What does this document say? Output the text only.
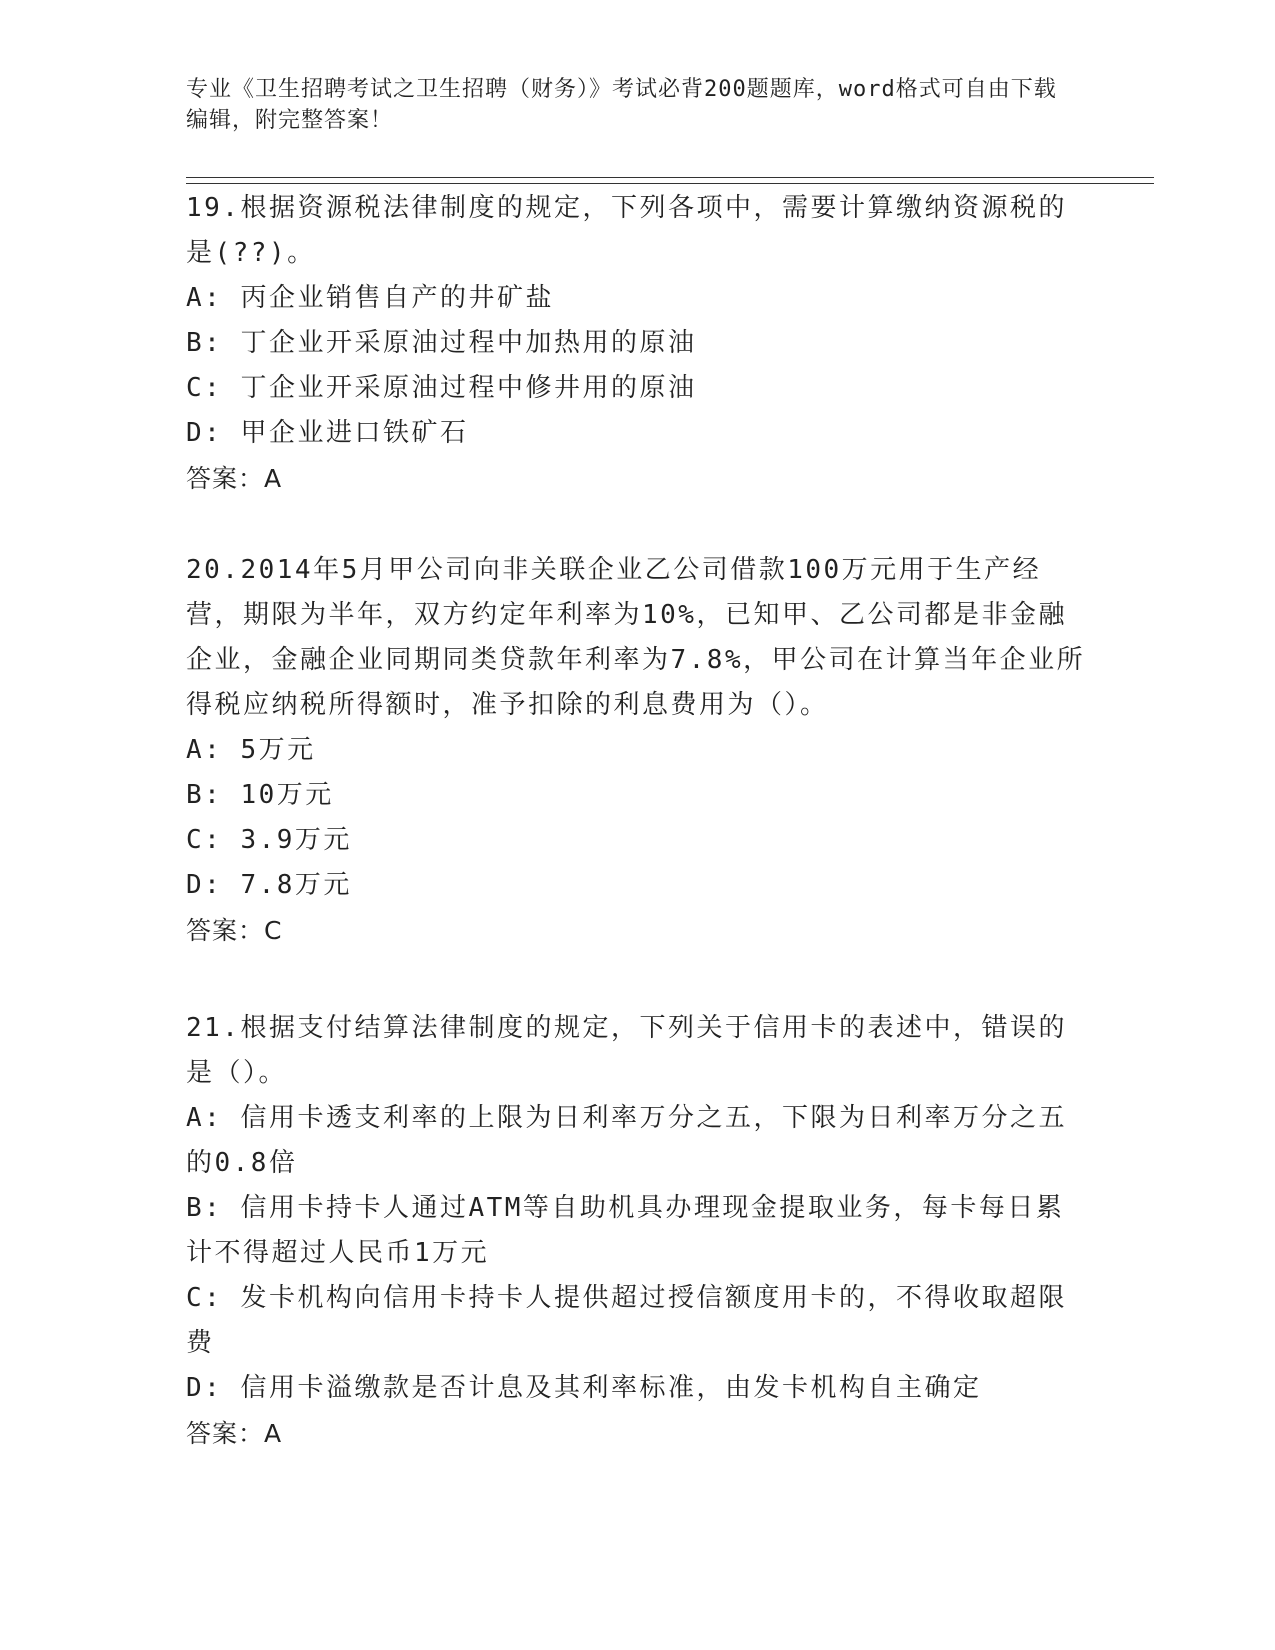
专业《卫生招聘考试之卫生招聘（财务）》考试必背200题题库，word格式可自由下载编辑，附完整答案！

19.根据资源税法律制度的规定，下列各项中，需要计算缴纳资源税的是(??)。

A: 丙企业销售自产的井矿盐

B: 丁企业开采原油过程中加热用的原油

C: 丁企业开采原油过程中修井用的原油

D: 甲企业进口铁矿石

答案：A

20.2014年5月甲公司向非关联企业乙公司借款100万元用于生产经营，期限为半年，双方约定年利率为10%，已知甲、乙公司都是非金融企业，金融企业同期同类贷款年利率为7.8%，甲公司在计算当年企业所得税应纳税所得额时，准予扣除的利息费用为（）。

A: 5万元

B: 10万元

C: 3.9万元

D: 7.8万元

答案：C

21.根据支付结算法律制度的规定，下列关于信用卡的表述中，错误的是（）。

A: 信用卡透支利率的上限为日利率万分之五，下限为日利率万分之五的0.8倍

B: 信用卡持卡人通过ATM等自助机具办理现金提取业务，每卡每日累计不得超过人民币1万元

C: 发卡机构向信用卡持卡人提供超过授信额度用卡的，不得收取超限费

D: 信用卡溢缴款是否计息及其利率标准，由发卡机构自主确定

答案：A
